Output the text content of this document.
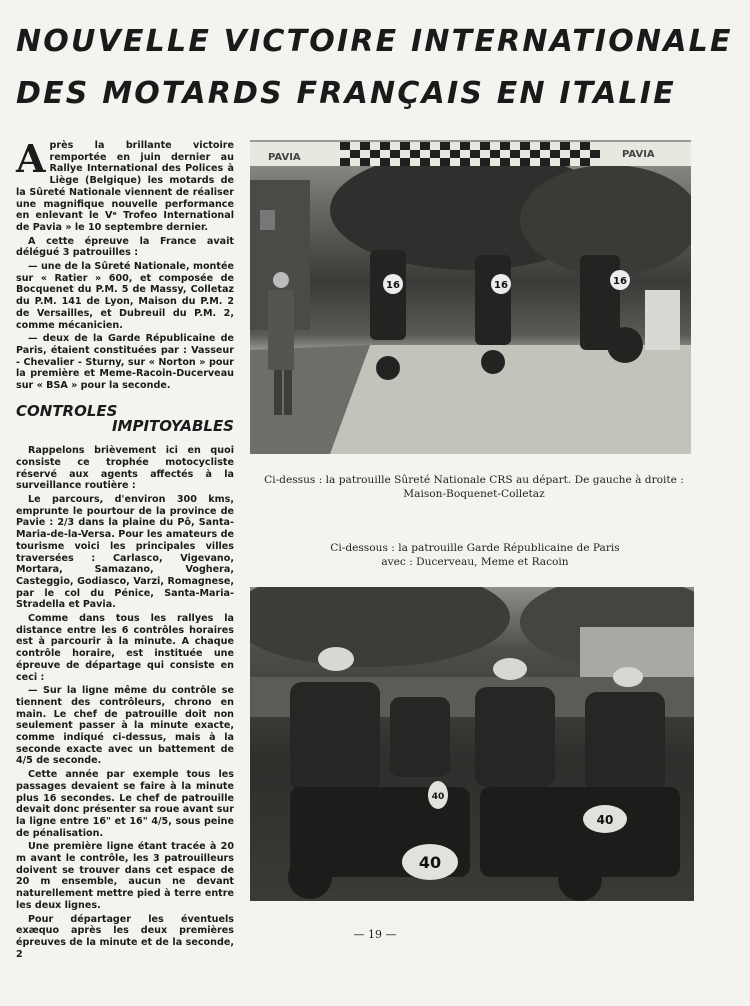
NOUVELLE VICTOIRE INTERNATIONALE
DES MOTARDS FRANÇAIS EN ITALIE

Après la brillante victoire remportée en juin dernier au Rallye International des Polices à Liège (Belgique) les motards de la Sûreté Nationale viennent de réaliser une magnifique nouvelle performance en enlevant le Vᵉ Trofeo International de Pavia » le 10 septembre dernier.

A cette épreuve la France avait délégué 3 patrouilles :

— une de la Sûreté Nationale, montée sur « Ratier » 600, et composée de Bocquenet du P.M. 5 de Massy, Colletaz du P.M. 141 de Lyon, Maison du P.M. 2 de Versailles, et Dubreuil du P.M. 2, comme mécanicien.

— deux de la Garde Républicaine de Paris, étaient constituées par : Vasseur - Chevalier - Sturny, sur « Norton » pour la première et Meme-Racoin-Ducerveau sur « BSA » pour la seconde.

CONTROLES
IMPITOYABLES

Rappelons brièvement ici en quoi consiste ce trophée motocycliste réservé aux agents affectés à la surveillance routière :

Le parcours, d'environ 300 kms, emprunte le pourtour de la province de Pavie : 2/3 dans la plaine du Pô, Santa-Maria-de-la-Versa. Pour les amateurs de tourisme voici les principales villes traversées : Carlasco, Vigevano, Mortara, Samazano, Voghera, Casteggio, Godiasco, Varzi, Romagnese, par le col du Pénice, Santa-Maria-Stradella et Pavia.

Comme dans tous les rallyes la distance entre les 6 contrôles horaires est à parcourir à la minute. A chaque contrôle horaire, est instituée une épreuve de départage qui consiste en ceci :

— Sur la ligne même du contrôle se tiennent des contrôleurs, chrono en main. Le chef de patrouille doit non seulement passer à la minute exacte, comme indiqué ci-dessus, mais à la seconde exacte avec un battement de 4/5 de seconde.

Cette année par exemple tous les passages devaient se faire à la minute plus 16 secondes. Le chef de patrouille devait donc présenter sa roue avant sur la ligne entre 16" et 16" 4/5, sous peine de pénalisation.

Une première ligne étant tracée à 20 m avant le contrôle, les 3 patrouilleurs doivent se trouver dans cet espace de 20 m ensemble, aucun ne devant naturellement mettre pied à terre entre les deux lignes.

Pour départager les éventuels exæquo après les deux premières épreuves de la minute et de la seconde, 2

PAVIA	PAVIA
16	16	16
Ci-dessus : la patrouille Sûreté Nationale CRS au départ. De gauche à droite :
Maison-Boquenet-Colletaz
Ci-dessous : la patrouille Garde Républicaine de Paris
avec : Ducerveau, Meme et Racoin
40
40
40
— 19 —
